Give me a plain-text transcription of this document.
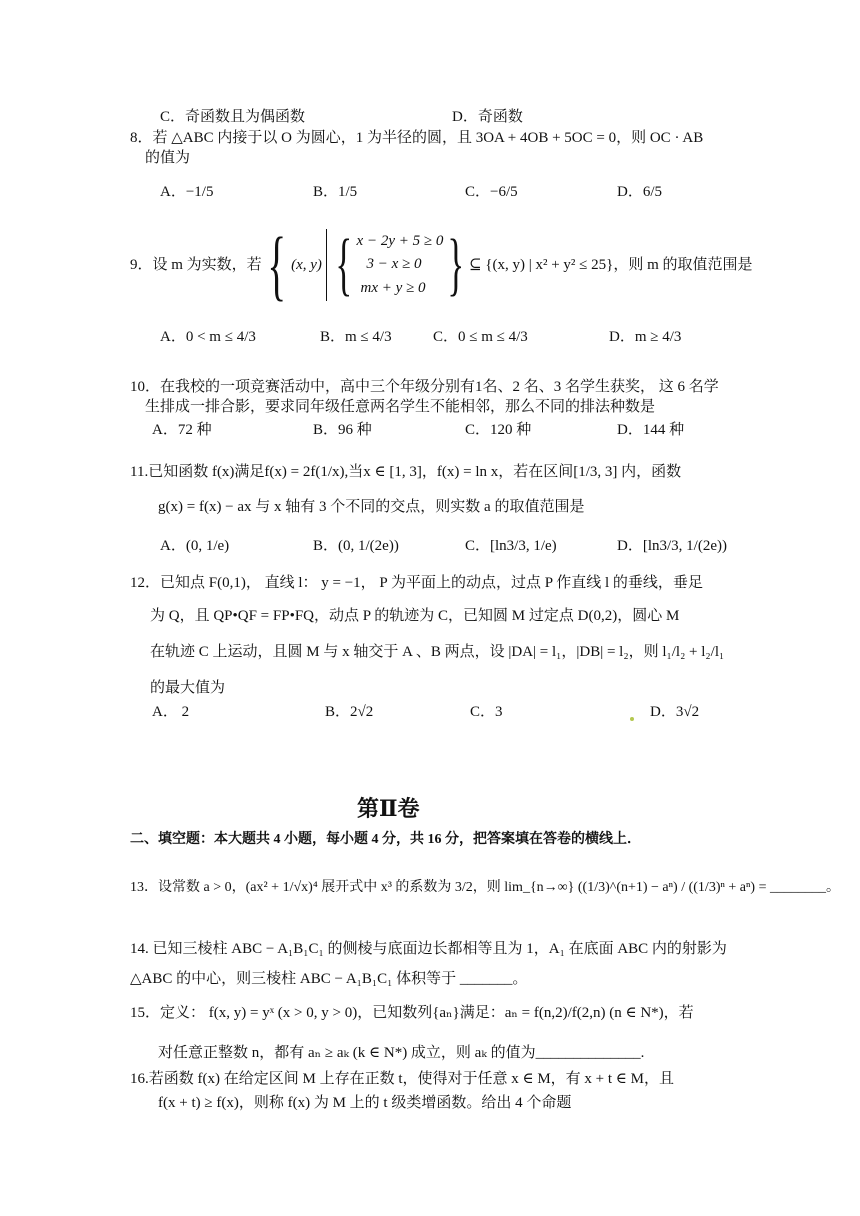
C．奇函数且为偶函数	D．奇函数
8．若 △ABC 内接于以 O 为圆心，1 为半径的圆，且 3OA + 4OB + 5OC = 0，则 OC · AB
的值为
A．−1/5	B．1/5	C．−6/5	D．6/5
9．设 m 为实数，若 { (x, y) { x − 2y + 5 ≥ 0
3 − x ≥ 0
mx + y ≥ 0 } ⊆ {(x, y) | x² + y² ≤ 25}，则 m 的取值范围是
A．0 < m ≤ 4/3	B．m ≤ 4/3	C．0 ≤ m ≤ 4/3	D．m ≥ 4/3
10．在我校的一项竞赛活动中，高中三个年级分别有1名、2 名、3 名学生获奖， 这 6 名学
生排成一排合影，要求同年级任意两名学生不能相邻，那么不同的排法种数是
A．72 种	B．96 种	C．120 种	D．144 种
11.已知函数 f(x)满足f(x) = 2f(1/x),当x ∈ [1, 3]，f(x) = ln x，若在区间[1/3, 3] 内，函数
g(x) = f(x) − ax 与 x 轴有 3 个不同的交点，则实数 a 的取值范围是
A．(0, 1/e)	B．(0, 1/(2e))	C．[ln3/3, 1/e)	D．[ln3/3, 1/(2e))
12．已知点 F(0,1)， 直线 l： y = −1， P 为平面上的动点，过点 P 作直线 l 的垂线，垂足
为 Q，且 QP•QF = FP•FQ，动点 P 的轨迹为 C，已知圆 M 过定点 D(0,2)，圆心 M
在轨迹 C 上运动，且圆 M 与 x 轴交于 A 、B 两点，设 |DA| = l₁，|DB| = l₂，则 l₁/l₂ + l₂/l₁
的最大值为
A． 2	B．2√2	C．3	D．3√2
第Ⅱ卷
二、填空题：本大题共 4 小题，每小题 4 分，共 16 分，把答案填在答卷的横线上．
13．设常数 a > 0，(ax² + 1/√x)⁴ 展开式中 x³ 的系数为 3/2，则 lim_{n→∞} ((1/3)^(n+1) − aⁿ) / ((1/3)ⁿ + aⁿ) = ________。
14. 已知三棱柱 ABC − A₁B₁C₁ 的侧棱与底面边长都相等且为 1，A₁ 在底面 ABC 内的射影为
△ABC 的中心，则三棱柱 ABC − A₁B₁C₁ 体积等于 _______。
15．定义： f(x, y) = yˣ (x > 0, y > 0)，已知数列{aₙ}满足：aₙ = f(n,2)/f(2,n) (n ∈ N*)，若
对任意正整数 n，都有 aₙ ≥ aₖ (k ∈ N*) 成立，则 aₖ 的值为______________.
16.若函数 f(x) 在给定区间 M 上存在正数 t，使得对于任意 x ∈ M，有 x + t ∈ M，且
f(x + t) ≥ f(x)，则称 f(x) 为 M 上的 t 级类增函数。给出 4 个命题
